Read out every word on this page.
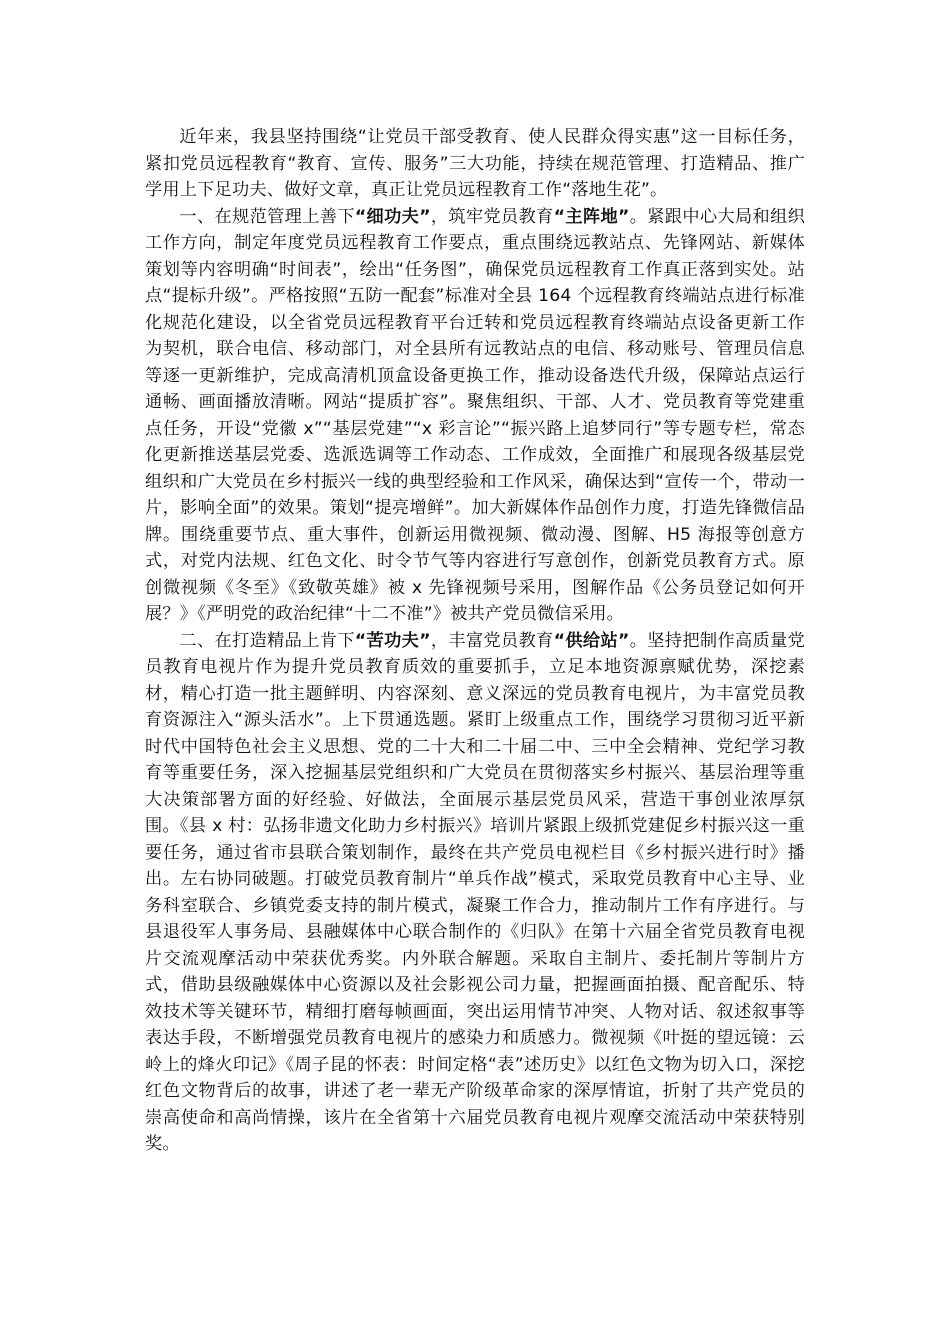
近年来，我县坚持围绕“让党员干部受教育、使人民群众得实惠”这一目标任务，紧扣党员远程教育“教育、宣传、服务”三大功能，持续在规范管理、打造精品、推广学用上下足功夫、做好文章，真正让党员远程教育工作“落地生花”。

一、在规范管理上善下“细功夫”，筑牢党员教育“主阵地”。紧跟中心大局和组织工作方向，制定年度党员远程教育工作要点，重点围绕远教站点、先锋网站、新媒体策划等内容明确“时间表”，绘出“任务图”，确保党员远程教育工作真正落到实处。站点“提标升级”。严格按照“五防一配套”标准对全县 164 个远程教育终端站点进行标准化规范化建设，以全省党员远程教育平台迁转和党员远程教育终端站点设备更新工作为契机，联合电信、移动部门，对全县所有远教站点的电信、移动账号、管理员信息等逐一更新维护，完成高清机顶盒设备更换工作，推动设备迭代升级，保障站点运行通畅、画面播放清晰。网站“提质扩容”。聚焦组织、干部、人才、党员教育等党建重点任务，开设“党徽 x”“基层党建”“x 彩言论”“振兴路上追梦同行”等专题专栏，常态化更新推送基层党委、选派选调等工作动态、工作成效，全面推广和展现各级基层党组织和广大党员在乡村振兴一线的典型经验和工作风采，确保达到“宣传一个，带动一片，影响全面”的效果。策划“提亮增鲜”。加大新媒体作品创作力度，打造先锋微信品牌。围绕重要节点、重大事件，创新运用微视频、微动漫、图解、H5 海报等创意方式，对党内法规、红色文化、时令节气等内容进行写意创作，创新党员教育方式。原创微视频《冬至》《致敬英雄》被 x 先锋视频号采用，图解作品《公务员登记如何开展？》《严明党的政治纪律“十二不准”》被共产党员微信采用。

二、在打造精品上肯下“苦功夫”，丰富党员教育“供给站”。坚持把制作高质量党员教育电视片作为提升党员教育质效的重要抓手，立足本地资源禀赋优势，深挖素材，精心打造一批主题鲜明、内容深刻、意义深远的党员教育电视片，为丰富党员教育资源注入“源头活水”。上下贯通选题。紧盯上级重点工作，围绕学习贯彻习近平新时代中国特色社会主义思想、党的二十大和二十届二中、三中全会精神、党纪学习教育等重要任务，深入挖掘基层党组织和广大党员在贯彻落实乡村振兴、基层治理等重大决策部署方面的好经验、好做法，全面展示基层党员风采，营造干事创业浓厚氛围。《县 x 村：弘扬非遗文化助力乡村振兴》培训片紧跟上级抓党建促乡村振兴这一重要任务，通过省市县联合策划制作，最终在共产党员电视栏目《乡村振兴进行时》播出。左右协同破题。打破党员教育制片“单兵作战”模式，采取党员教育中心主导、业务科室联合、乡镇党委支持的制片模式，凝聚工作合力，推动制片工作有序进行。与县退役军人事务局、县融媒体中心联合制作的《归队》在第十六届全省党员教育电视片交流观摩活动中荣获优秀奖。内外联合解题。采取自主制片、委托制片等制片方式，借助县级融媒体中心资源以及社会影视公司力量，把握画面拍摄、配音配乐、特效技术等关键环节，精细打磨每帧画面，突出运用情节冲突、人物对话、叙述叙事等表达手段，不断增强党员教育电视片的感染力和质感力。微视频《叶挺的望远镜：云岭上的烽火印记》《周子昆的怀表：时间定格“表”述历史》以红色文物为切入口，深挖红色文物背后的故事，讲述了老一辈无产阶级革命家的深厚情谊，折射了共产党员的崇高使命和高尚情操，该片在全省第十六届党员教育电视片观摩交流活动中荣获特别奖。
